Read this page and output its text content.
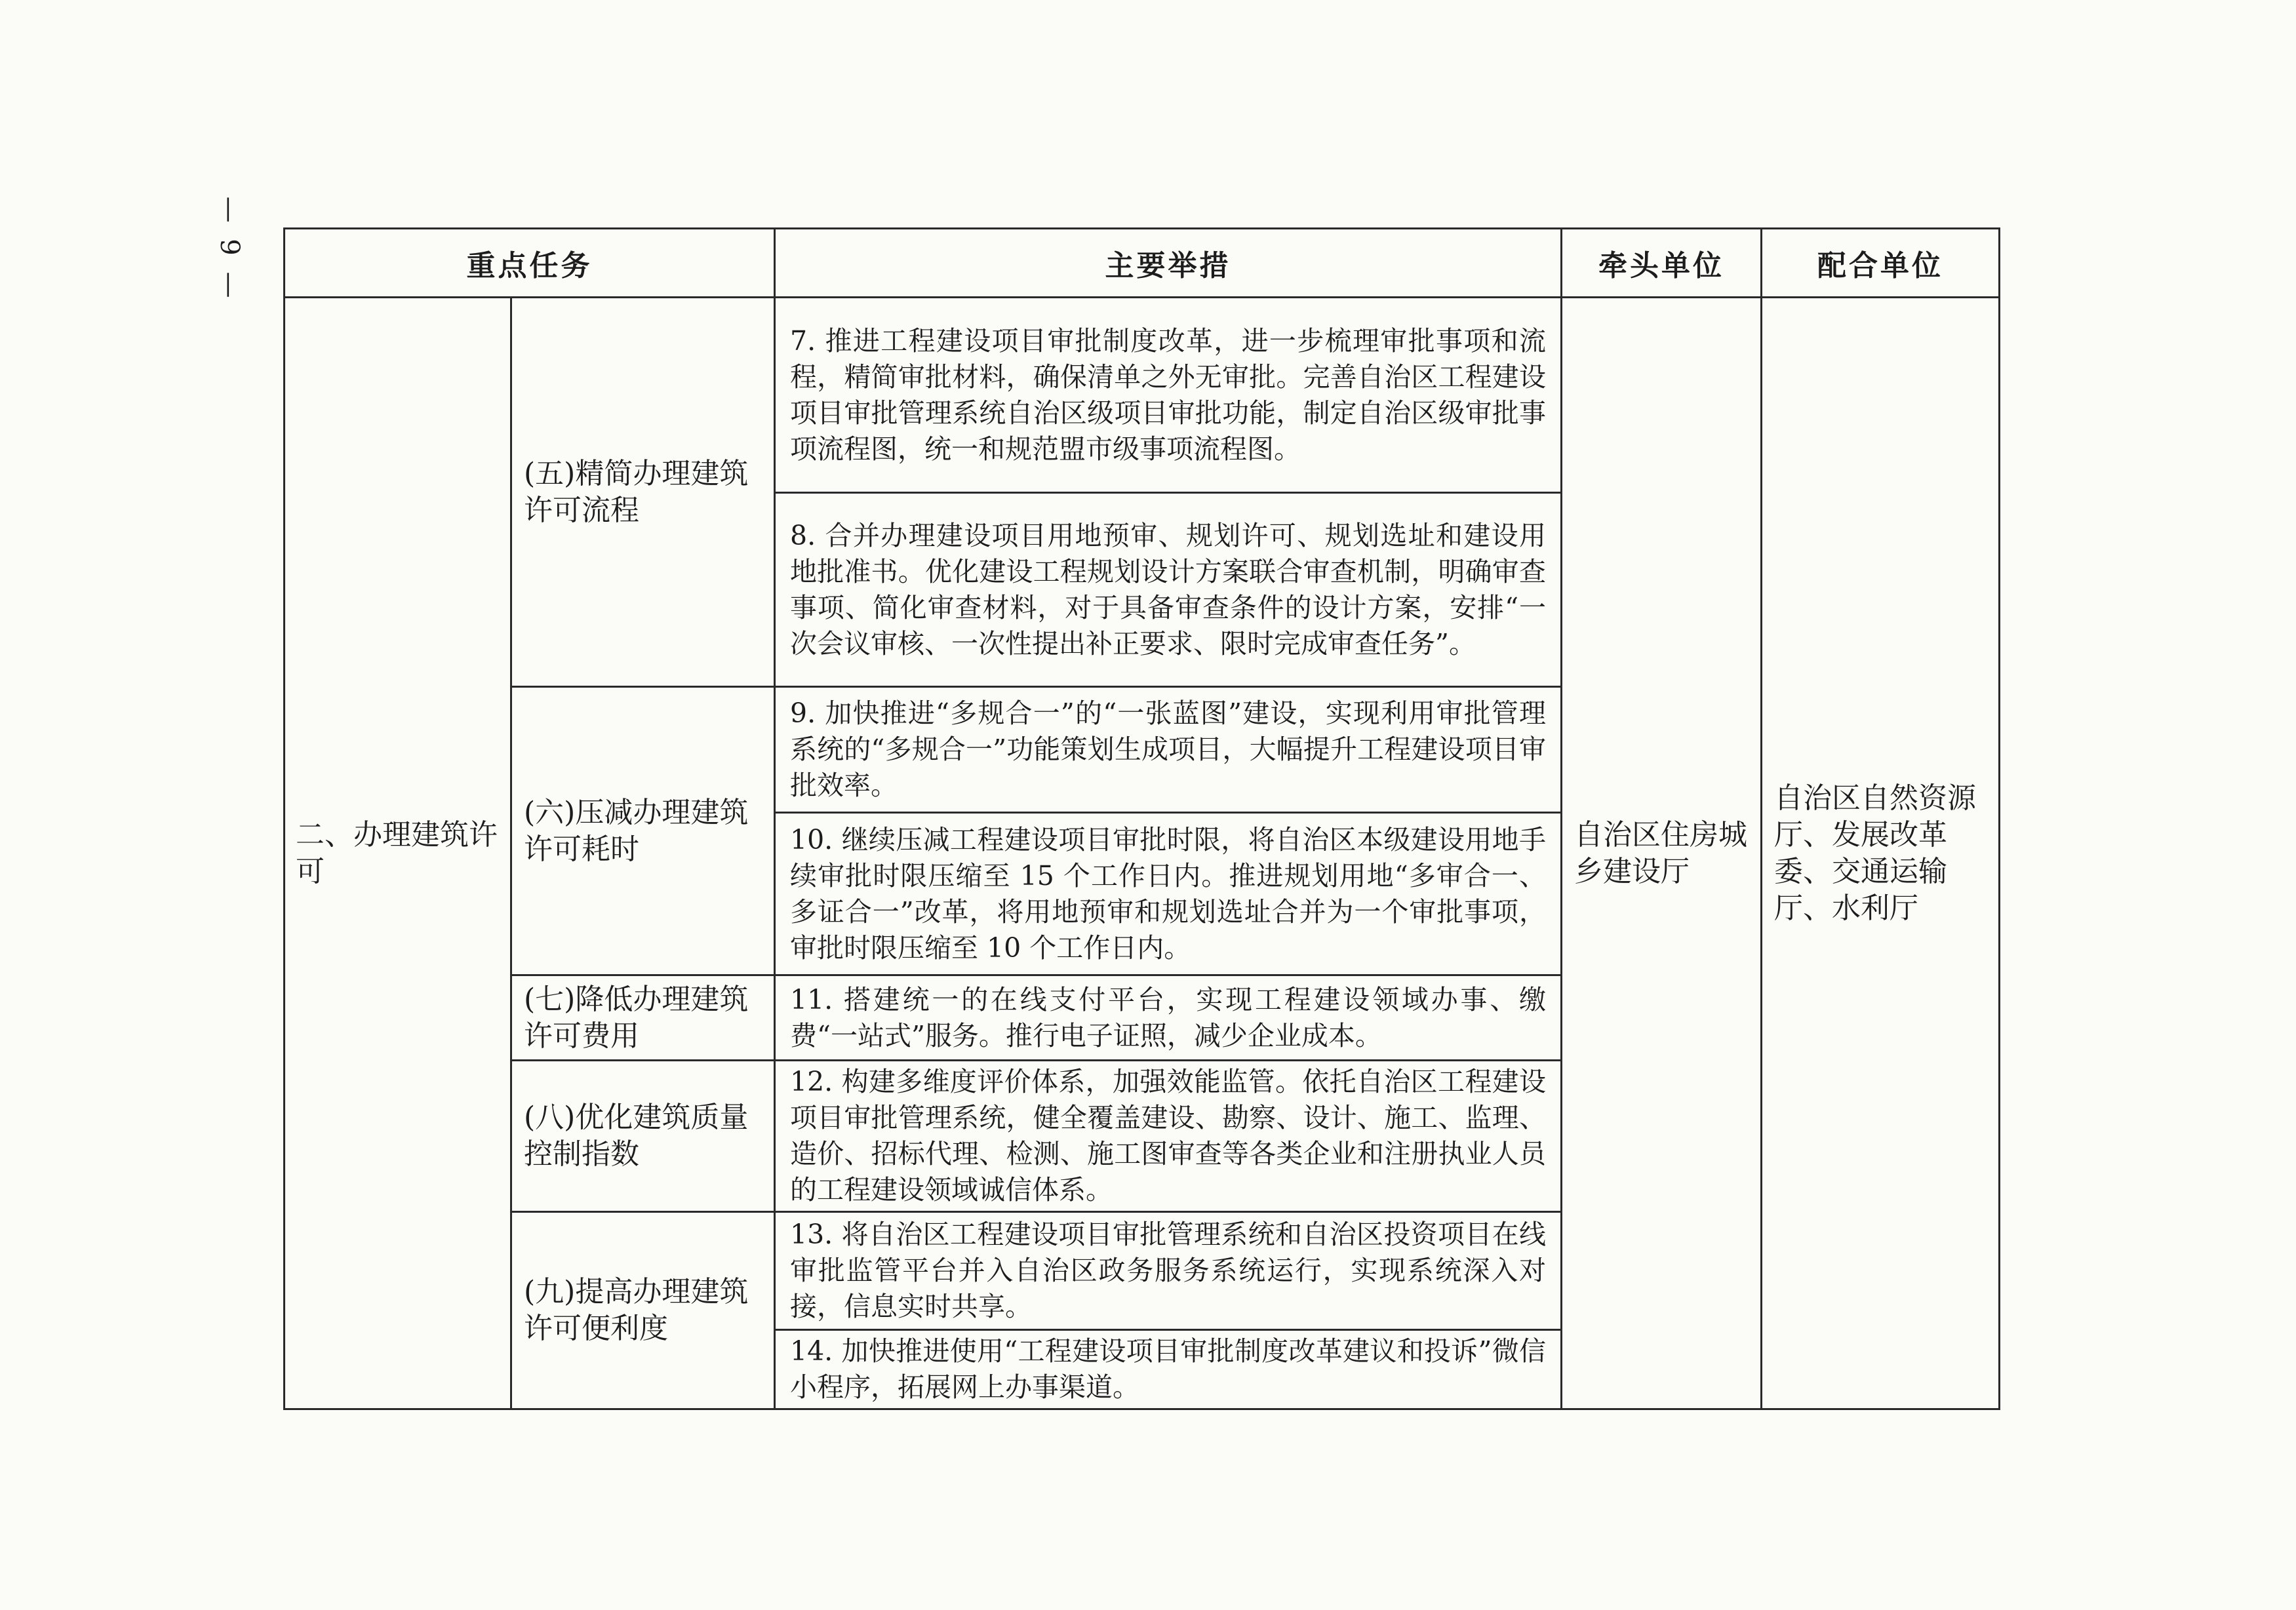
— 9 —	重点任务		主要举措	牵头单位	配合单位
二、办理建筑许可	(五)精简办理建筑许可流程	7. 推进工程建设项目审批制度改革，进一步梳理审批事项和流程，精简审批材料，确保清单之外无审批。完善自治区工程建设项目审批管理系统自治区级项目审批功能，制定自治区级审批事项流程图，统一和规范盟市级事项流程图。	自治区住房城乡建设厅	自治区自然资源厅、发展改革委、交通运输厅、水利厅
		8. 合并办理建设项目用地预审、规划许可、规划选址和建设用地批准书。优化建设工程规划设计方案联合审查机制，明确审查事项、简化审查材料，对于具备审查条件的设计方案，安排“一次会议审核、一次性提出补正要求、限时完成审查任务”。		
	(六)压减办理建筑许可耗时	9. 加快推进“多规合一”的“一张蓝图”建设，实现利用审批管理系统的“多规合一”功能策划生成项目，大幅提升工程建设项目审批效率。		
		10. 继续压减工程建设项目审批时限，将自治区本级建设用地手续审批时限压缩至 15 个工作日内。推进规划用地“多审合一、多证合一”改革，将用地预审和规划选址合并为一个审批事项，审批时限压缩至 10 个工作日内。		
	(七)降低办理建筑许可费用	11. 搭建统一的在线支付平台，实现工程建设领域办事、缴费“一站式”服务。推行电子证照，减少企业成本。		
	(八)优化建筑质量控制指数	12. 构建多维度评价体系，加强效能监管。依托自治区工程建设项目审批管理系统，健全覆盖建设、勘察、设计、施工、监理、造价、招标代理、检测、施工图审查等各类企业和注册执业人员的工程建设领域诚信体系。		
	(九)提高办理建筑许可便利度	13. 将自治区工程建设项目审批管理系统和自治区投资项目在线审批监管平台并入自治区政务服务系统运行，实现系统深入对接，信息实时共享。		
		14. 加快推进使用“工程建设项目审批制度改革建议和投诉”微信小程序，拓展网上办事渠道。		
